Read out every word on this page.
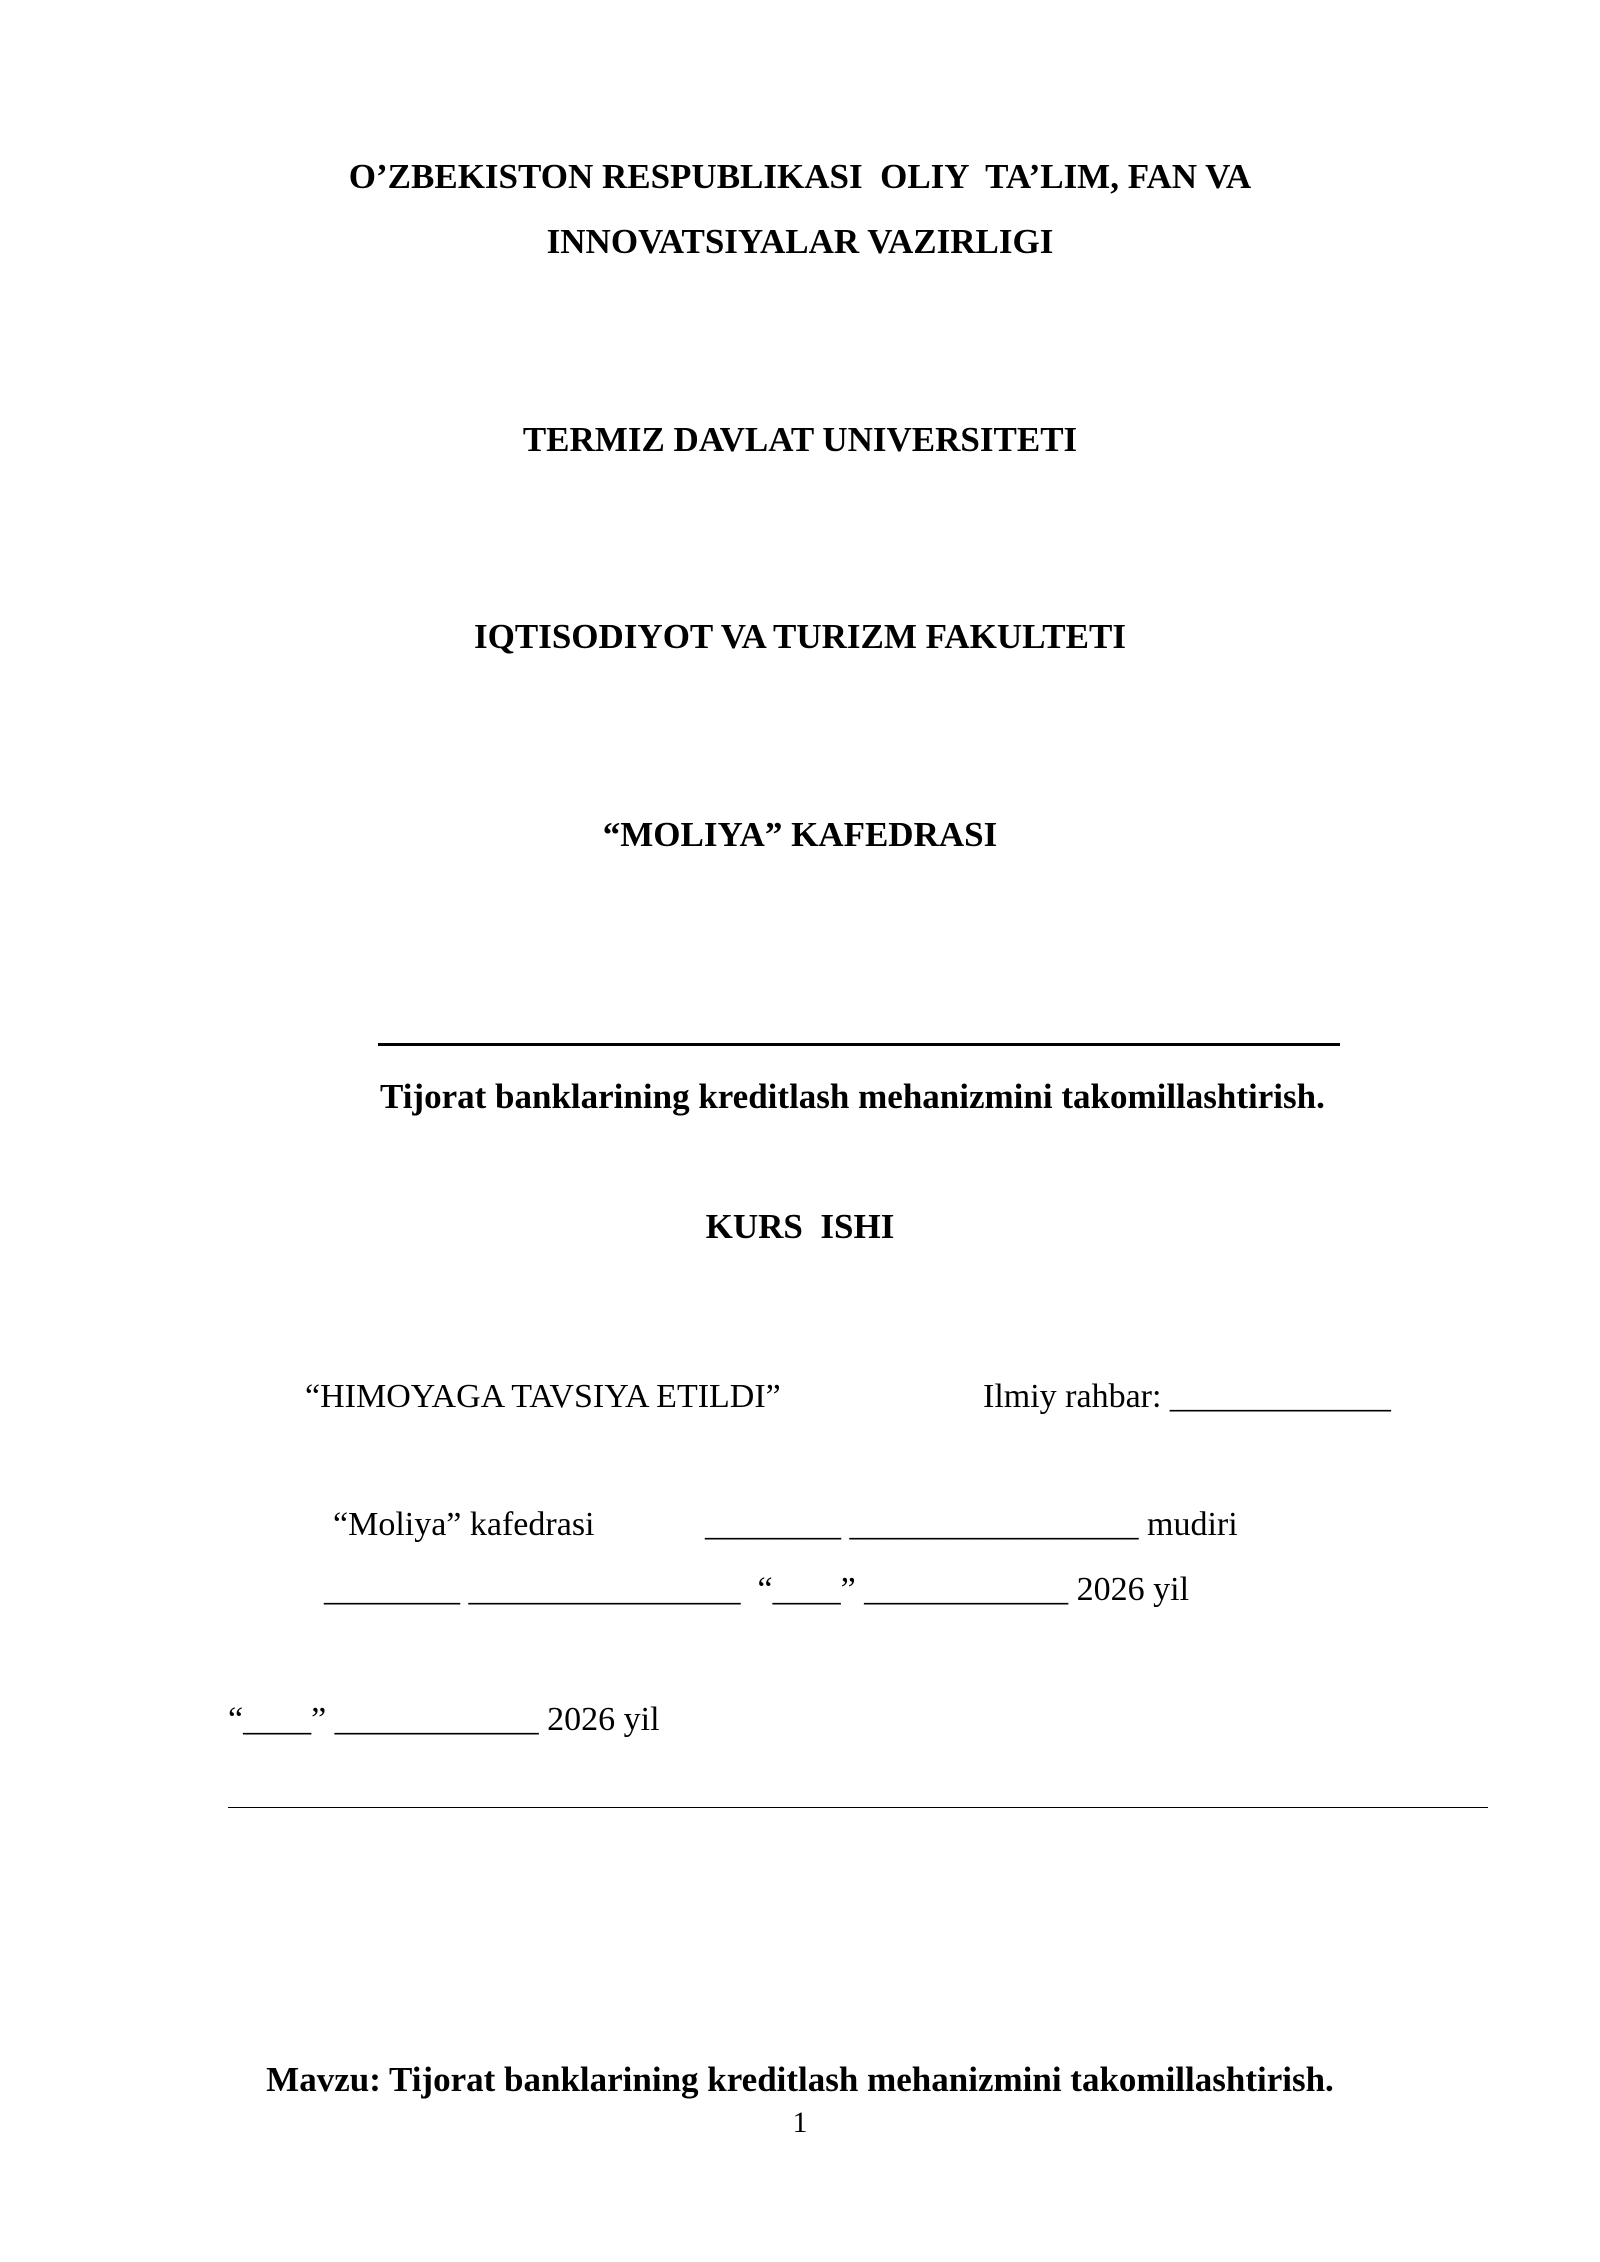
O’ZBEKISTON RESPUBLIKASI  OLIY  TA’LIM, FAN VA
INNOVATSIYALAR VAZIRLIGI
TERMIZ DAVLAT UNIVERSITETI
IQTISODIYOT VA TURIZM FAKULTETI
“MOLIYA” KAFEDRASI
Tijorat banklarining kreditlash mehanizmini takomillashtirish.
KURS  ISHI
“HIMOYAGA TAVSIYA ETILDI”	Ilmiy rahbar: _____________
“Moliya” kafedrasi	________ _________________ mudiri
________ ________________  “____” ____________ 2026 yil
“____” ____________ 2026 yil
Mavzu: Tijorat banklarining kreditlash mehanizmini takomillashtirish.
1
